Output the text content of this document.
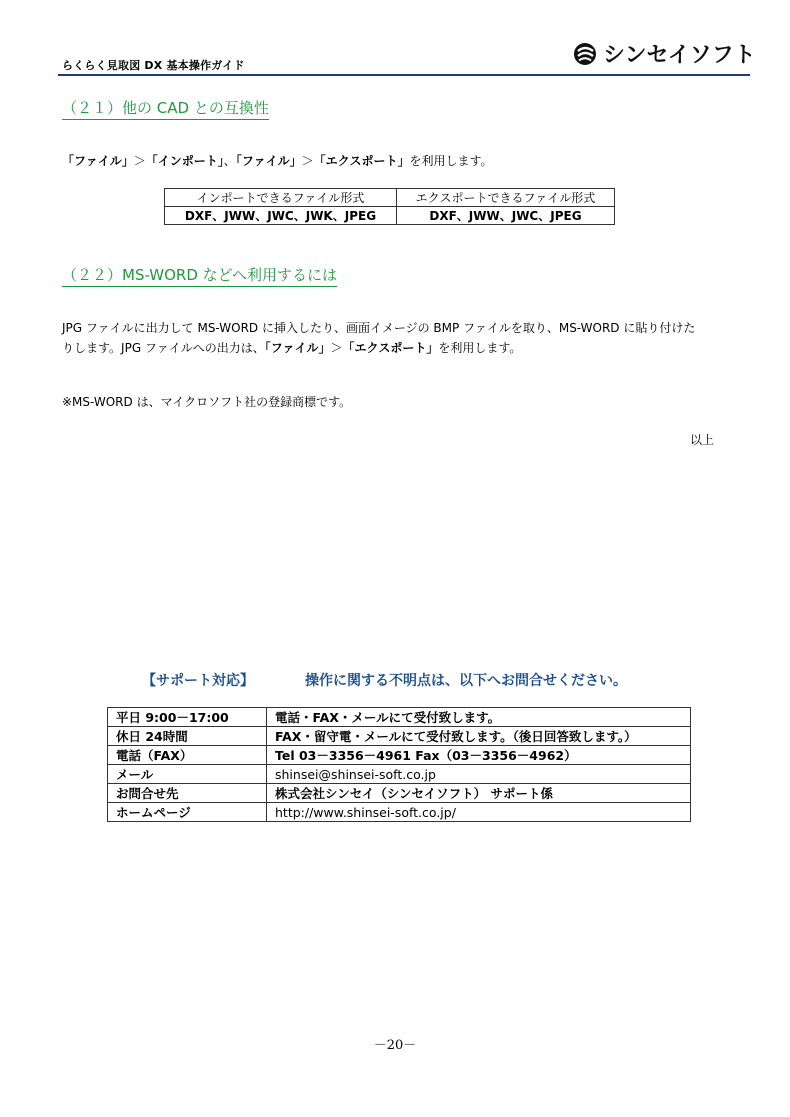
らくらく見取図 DX 基本操作ガイド	シンセイソフト
（２１）他の CAD との互換性
「ファイル」＞「インポート」、「ファイル」＞「エクスポート」を利用します。
インポートできるファイル形式	エクスポートできるファイル形式
DXF、JWW、JWC、JWK、JPEG	DXF、JWW、JWC、JPEG
（２２）MS-WORD などへ利用するには
JPG ファイルに出力して MS-WORD に挿入したり、画面イメージの BMP ファイルを取り、MS-WORD に貼り付けた
りします。JPG ファイルへの出力は、「ファイル」＞「エクスポート」を利用します。
※MS-WORD は、マイクロソフト社の登録商標です。
以上
【サポート対応】	操作に関する不明点は、以下へお問合せください。
平日 9:00－17:00	電話・FAX・メールにて受付致します。
休日 24時間	FAX・留守電・メールにて受付致します。（後日回答致します。）
電話（FAX）	Tel 03－3356－4961 Fax（03－3356－4962）
メール	shinsei@shinsei-soft.co.jp
お問合せ先	株式会社シンセイ（シンセイソフト） サポート係
ホームページ	http://www.shinsei-soft.co.jp/
－20－
